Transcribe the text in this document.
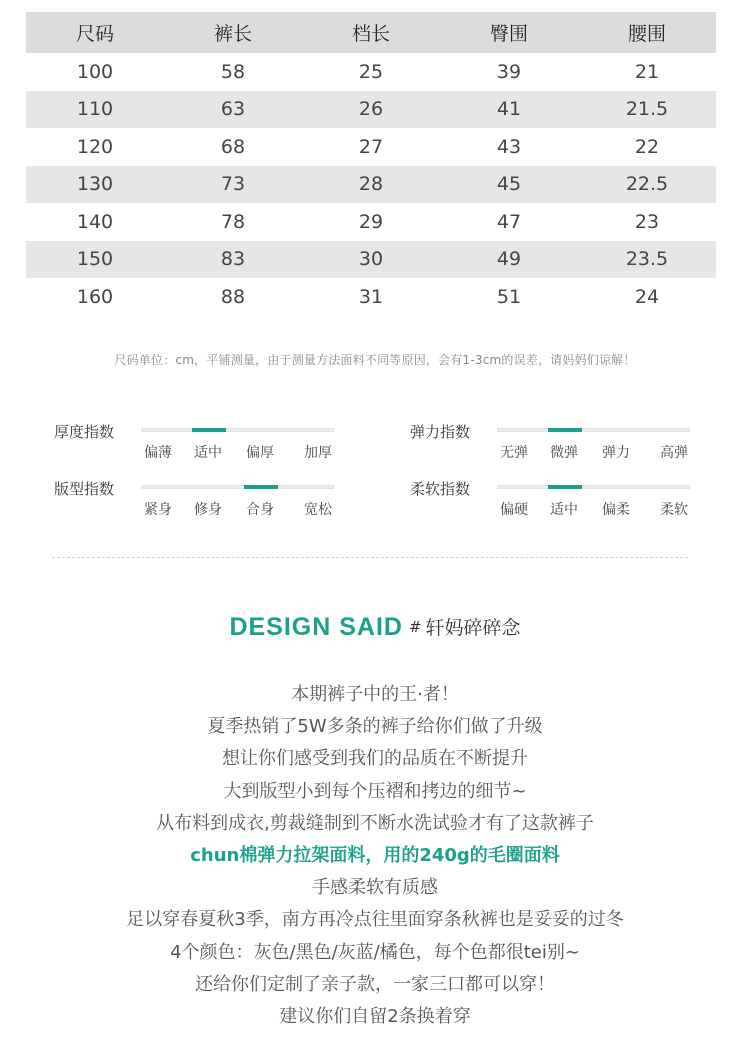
尺码	裤长	档长	臀围	腰围
100	58	25	39	21
110	63	26	41	21.5
120	68	27	43	22
130	73	28	45	22.5
140	78	29	47	23
150	83	30	49	23.5
160	88	31	51	24
尺码单位：cm，平铺测量，由于测量方法面料不同等原因，会有1-3cm的误差，请妈妈们谅解！
厚度指数
偏薄	适中	偏厚	加厚
弹力指数
无弹	微弹	弹力	高弹
版型指数
紧身	修身	合身	宽松
柔软指数
偏硬	适中	偏柔	柔软
DESIGN SAID # 轩妈碎碎念
本期裤子中的王·者！
夏季热销了5W多条的裤子给你们做了升级
想让你们感受到我们的品质在不断提升
大到版型小到每个压褶和拷边的细节~
从布料到成衣,剪裁缝制到不断水洗试验才有了这款裤子
chun棉弹力拉架面料，用的240g的毛圈面料
手感柔软有质感
足以穿春夏秋3季，南方再冷点往里面穿条秋裤也是妥妥的过冬
4个颜色：灰色/黑色/灰蓝/橘色，每个色都很tei别~
还给你们定制了亲子款，一家三口都可以穿！
建议你们自留2条换着穿
